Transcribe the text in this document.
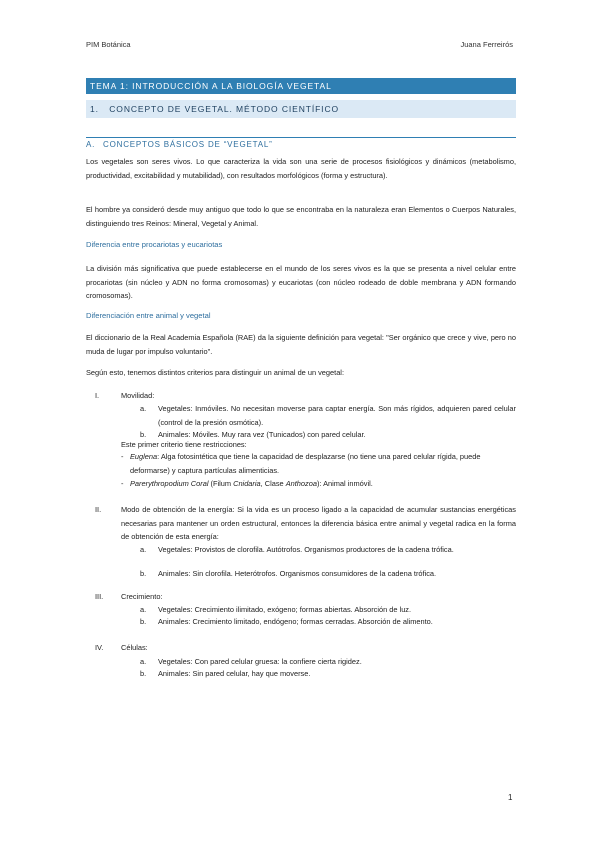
PIM Botánica	Juana Ferreirós
TEMA 1: INTRODUCCIÓN A LA BIOLOGÍA VEGETAL
1. CONCEPTO DE VEGETAL. MÉTODO CIENTÍFICO
A. CONCEPTOS BÁSICOS DE “VEGETAL”
Los vegetales son seres vivos. Lo que caracteriza la vida son una serie de procesos fisiológicos y dinámicos (metabolismo, productividad, excitabilidad y mutabilidad), con resultados morfológicos (forma y estructura).
El hombre ya consideró desde muy antiguo que todo lo que se encontraba en la naturaleza eran Elementos o Cuerpos Naturales, distinguiendo tres Reinos: Mineral, Vegetal y Animal.
Diferencia entre procariotas y eucariotas
La división más significativa que puede establecerse en el mundo de los seres vivos es la que se presenta a nivel celular entre procariotas (sin núcleo y ADN no forma cromosomas) y eucariotas (con núcleo rodeado de doble membrana y ADN formando cromosomas).
Diferenciación entre animal y vegetal
El diccionario de la Real Academia Española (RAE) da la siguiente definición para vegetal: "Ser orgánico que crece y vive, pero no muda de lugar por impulso voluntario".
Según esto, tenemos distintos criterios para distinguir un animal de un vegetal:
I.	Movilidad:
a. Vegetales: Inmóviles. No necesitan moverse para captar energía. Son más rígidos, adquieren pared celular (control de la presión osmótica).
b. Animales: Móviles. Muy rara vez (Tunicados) con pared celular.
Este primer criterio tiene restricciones:
- Euglena: Alga fotosintética que tiene la capacidad de desplazarse (no tiene una pared celular rígida, puede deformarse) y captura partículas alimenticias.
- Parerythropodium Coral (Filum Cnidaria, Clase Anthozoa): Animal inmóvil.
II.	Modo de obtención de la energía: Si la vida es un proceso ligado a la capacidad de acumular sustancias energéticas necesarias para mantener un orden estructural, entonces la diferencia básica entre animal y vegetal radica en la forma de obtención de esta energía:
a. Vegetales: Provistos de clorofila. Autótrofos. Organismos productores de la cadena trófica.
b. Animales: Sin clorofila. Heterótrofos. Organismos consumidores de la cadena trófica.
III. Crecimiento:
a. Vegetales: Crecimiento ilimitado, exógeno; formas abiertas. Absorción de luz.
b. Animales: Crecimiento limitado, endógeno; formas cerradas. Absorción de alimento.
IV. Células:
a. Vegetales: Con pared celular gruesa: la confiere cierta rigidez.
b. Animales: Sin pared celular, hay que moverse.
1
